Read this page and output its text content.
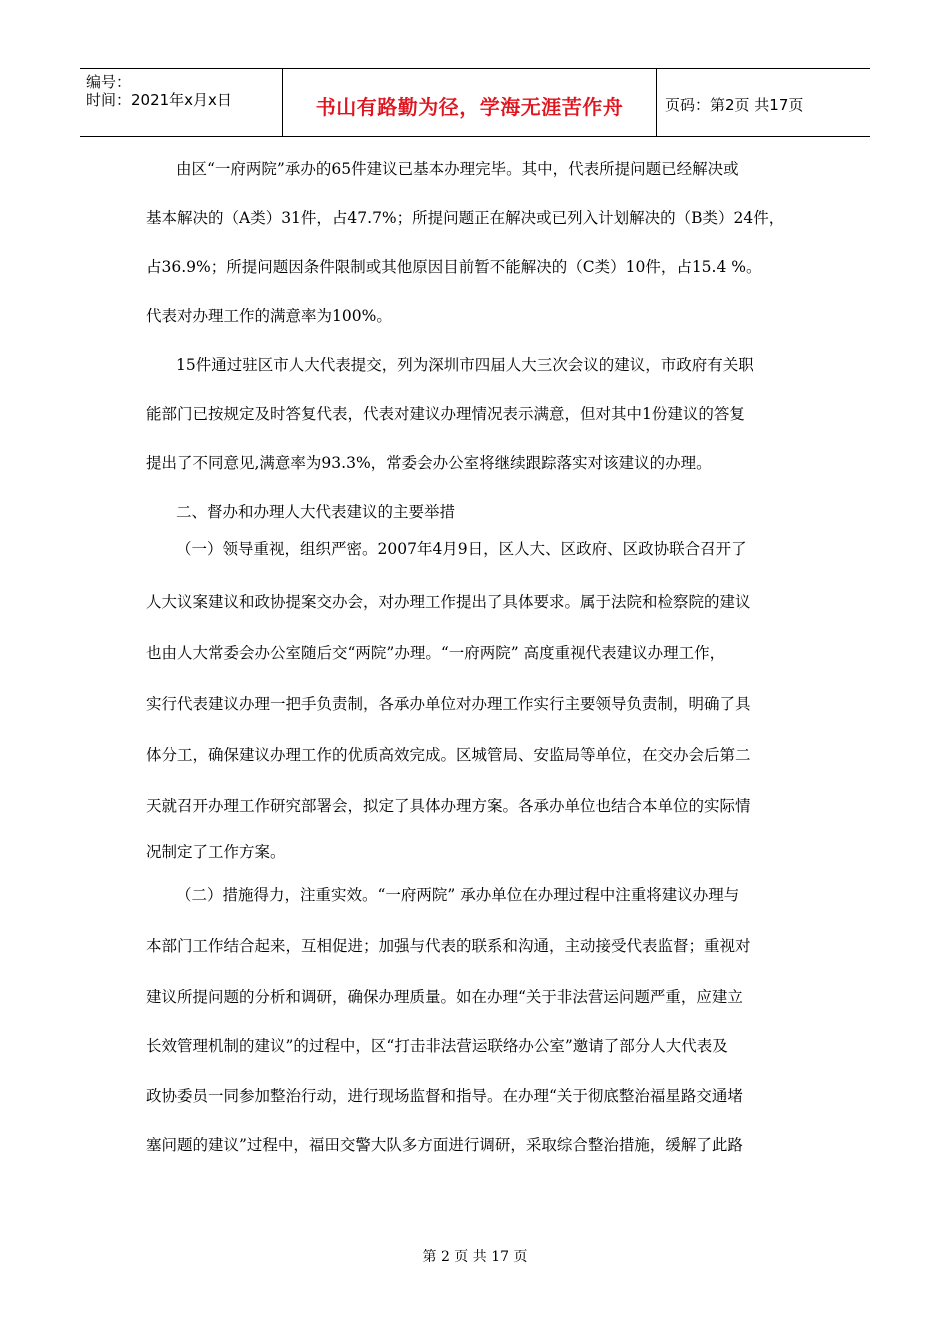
编号：
时间：2021年x月x日	书山有路勤为径，学海无涯苦作舟	页码：第2页 共17页
由区“一府两院”承办的65件建议已基本办理完毕。其中，代表所提问题已经解决或
基本解决的（A类）31件，占47.7%；所提问题正在解决或已列入计划解决的（B类）24件，
占36.9%；所提问题因条件限制或其他原因目前暂不能解决的（C类）10件，占15.4 %。
代表对办理工作的满意率为100%。
15件通过驻区市人大代表提交，列为深圳市四届人大三次会议的建议，市政府有关职
能部门已按规定及时答复代表，代表对建议办理情况表示满意，但对其中1份建议的答复
提出了不同意见,满意率为93.3%，常委会办公室将继续跟踪落实对该建议的办理。
二、督办和办理人大代表建议的主要举措
（一）领导重视，组织严密。2007年4月9日，区人大、区政府、区政协联合召开了
人大议案建议和政协提案交办会，对办理工作提出了具体要求。属于法院和检察院的建议
也由人大常委会办公室随后交“两院”办理。“一府两院” 高度重视代表建议办理工作，
实行代表建议办理一把手负责制，各承办单位对办理工作实行主要领导负责制，明确了具
体分工，确保建议办理工作的优质高效完成。区城管局、安监局等单位，在交办会后第二
天就召开办理工作研究部署会，拟定了具体办理方案。各承办单位也结合本单位的实际情
况制定了工作方案。
（二）措施得力，注重实效。“一府两院” 承办单位在办理过程中注重将建议办理与
本部门工作结合起来，互相促进；加强与代表的联系和沟通，主动接受代表监督；重视对
建议所提问题的分析和调研，确保办理质量。如在办理“关于非法营运问题严重，应建立
长效管理机制的建议”的过程中，区“打击非法营运联络办公室”邀请了部分人大代表及
政协委员一同参加整治行动，进行现场监督和指导。在办理“关于彻底整治福星路交通堵
塞问题的建议”过程中，福田交警大队多方面进行调研，采取综合整治措施，缓解了此路
第 2 页 共 17 页
